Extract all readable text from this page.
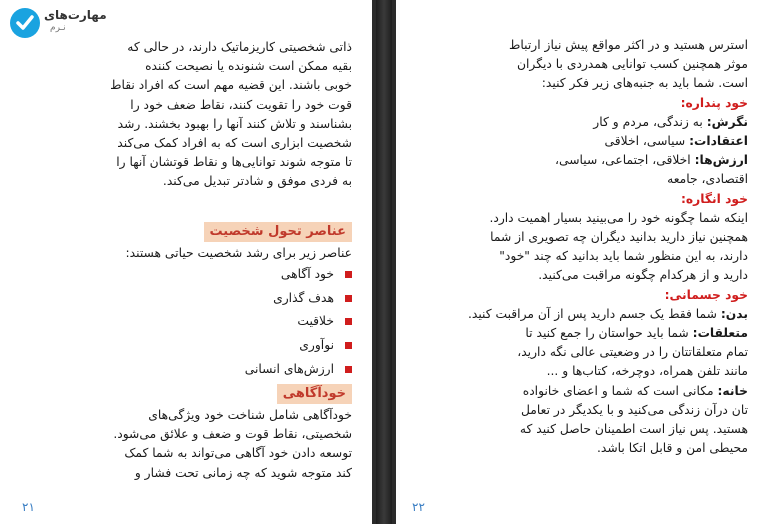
مهارت‌های
نـرم

ذاتی شخصیتی کاریزماتیک دارند، در حالی که

بقیه ممکن است شنونده یا نصیحت کننده

خوبی باشند. این قضیه مهم است که افراد نقاط

قوت خود را تقویت کنند، نقاط ضعف خود را

بشناسند و تلاش کنند آنها را بهبود بخشند. رشد

شخصیت ابزاری است که به افراد کمک می‌کند

تا متوجه شوند توانایی‌ها و نقاط قوتشان آنها را

به فردی موفق و شادتر تبدیل می‌کند.

عناصر تحول شخصیت

عناصر زیر برای رشد شخصیت حیاتی هستند:

خود آگاهی
هدف گذاری
خلاقیت
نوآوری
ارزش‌های انسانی
خودآگاهی

خودآگاهی شامل شناخت خود ویژگی‌های

شخصیتی، نقاط قوت و ضعف و علائق می‌شود.

توسعه دادن خود آگاهی می‌تواند به شما کمک

کند متوجه شوید که چه زمانی تحت فشار و

۲۱

استرس هستید و در اکثر مواقع پیش نیاز ارتباط

موثر همچنین کسب توانایی همدردی با دیگران

است. شما باید به جنبه‌های زیر فکر کنید:

خود پنداره:

نگرش: به زندگی، مردم و کار

اعتقادات: سیاسی، اخلاقی

ارزش‌ها: اخلاقی، اجتماعی، سیاسی،

اقتصادی، جامعه

خود انگاره:

اینکه شما چگونه خود را می‌بینید بسیار اهمیت دارد.

همچنین نیاز دارید بدانید دیگران چه تصویری از شما

دارند، به این منظور شما باید بدانید که چند "خود"

دارید و از هرکدام چگونه مراقبت می‌کنید.

خود جسمانی:

بدن: شما فقط یک جسم دارید پس از آن مراقبت کنید.

متعلقات: شما باید حواستان را جمع کنید تا

تمام متعلقاتتان را در وضعیتی عالی نگه دارید،

مانند تلفن همراه، دوچرخه، کتاب‌ها و ...

خانه: مکانی است که شما و اعضای خانواده

تان درآن زندگی می‌کنید و با یکدیگر در تعامل

هستید. پس نیاز است اطمینان حاصل کنید که

محیطی امن و قابل اتکا باشد.

۲۲
